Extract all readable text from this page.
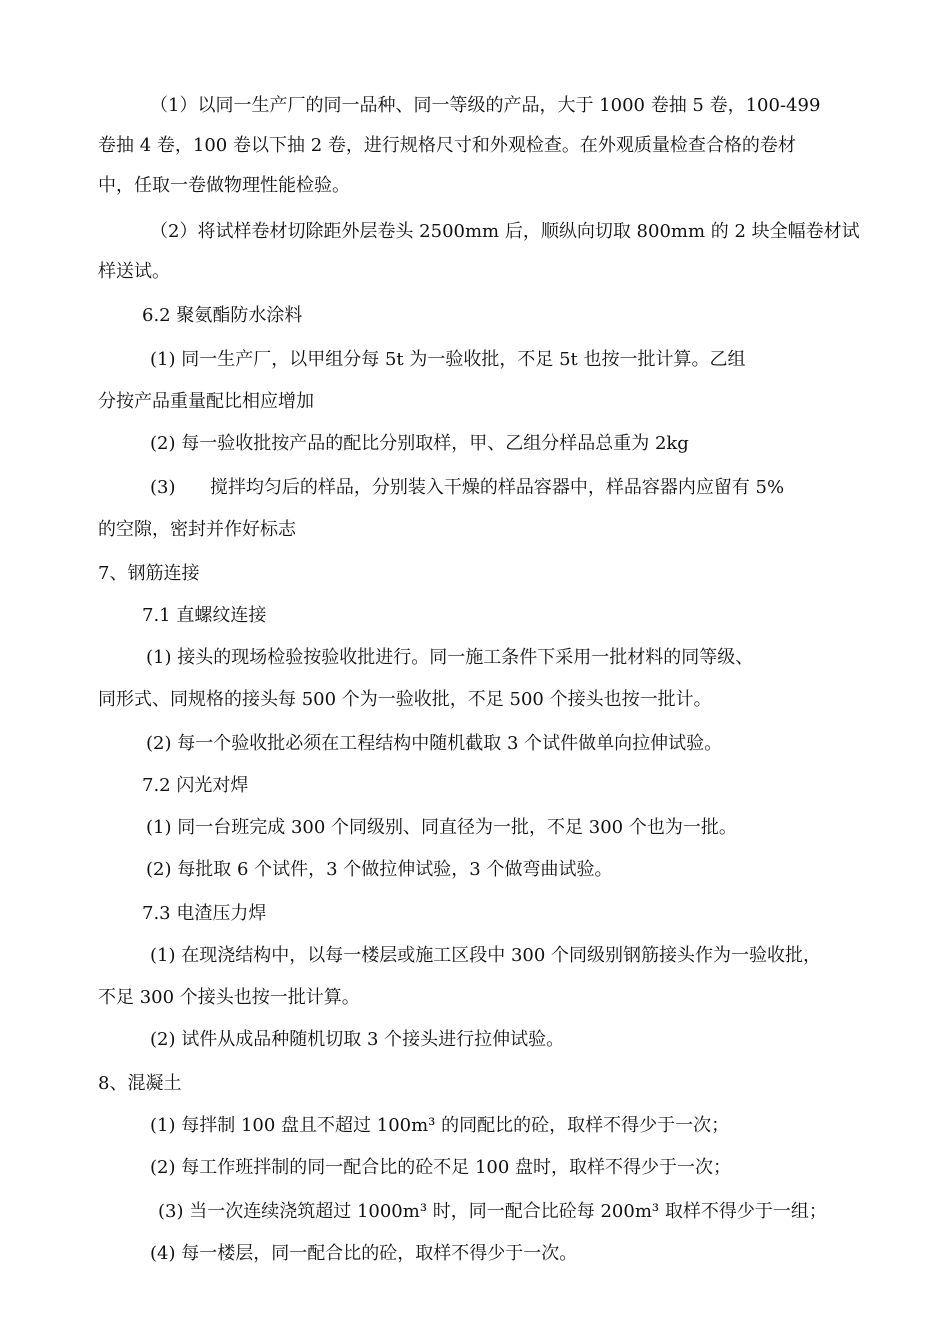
（1）以同一生产厂的同一品种、同一等级的产品，大于 1000 卷抽 5 卷，100-499
卷抽 4 卷，100 卷以下抽 2 卷，进行规格尺寸和外观检查。在外观质量检查合格的卷材
中，任取一卷做物理性能检验。
（2）将试样卷材切除距外层卷头 2500mm 后，顺纵向切取 800mm 的 2 块全幅卷材试
样送试。
6.2 聚氨酯防水涂料
(1) 同一生产厂，以甲组分每 5t 为一验收批，不足 5t 也按一批计算。乙组
分按产品重量配比相应增加
(2) 每一验收批按产品的配比分别取样，甲、乙组分样品总重为 2kg
(3)      搅拌均匀后的样品，分别装入干燥的样品容器中，样品容器内应留有 5%
的空隙，密封并作好标志
7、钢筋连接
7.1 直螺纹连接
(1) 接头的现场检验按验收批进行。同一施工条件下采用一批材料的同等级、
同形式、同规格的接头每 500 个为一验收批，不足 500 个接头也按一批计。
(2) 每一个验收批必须在工程结构中随机截取 3 个试件做单向拉伸试验。
7.2 闪光对焊
(1) 同一台班完成 300 个同级别、同直径为一批，不足 300 个也为一批。
(2) 每批取 6 个试件，3 个做拉伸试验，3 个做弯曲试验。
7.3 电渣压力焊
(1) 在现浇结构中，以每一楼层或施工区段中 300 个同级别钢筋接头作为一验收批，
不足 300 个接头也按一批计算。
(2) 试件从成品种随机切取 3 个接头进行拉伸试验。
8、混凝土
(1) 每拌制 100 盘且不超过 100m³ 的同配比的砼，取样不得少于一次；
(2) 每工作班拌制的同一配合比的砼不足 100 盘时，取样不得少于一次；
(3) 当一次连续浇筑超过 1000m³ 时，同一配合比砼每 200m³ 取样不得少于一组；
(4) 每一楼层，同一配合比的砼，取样不得少于一次。
